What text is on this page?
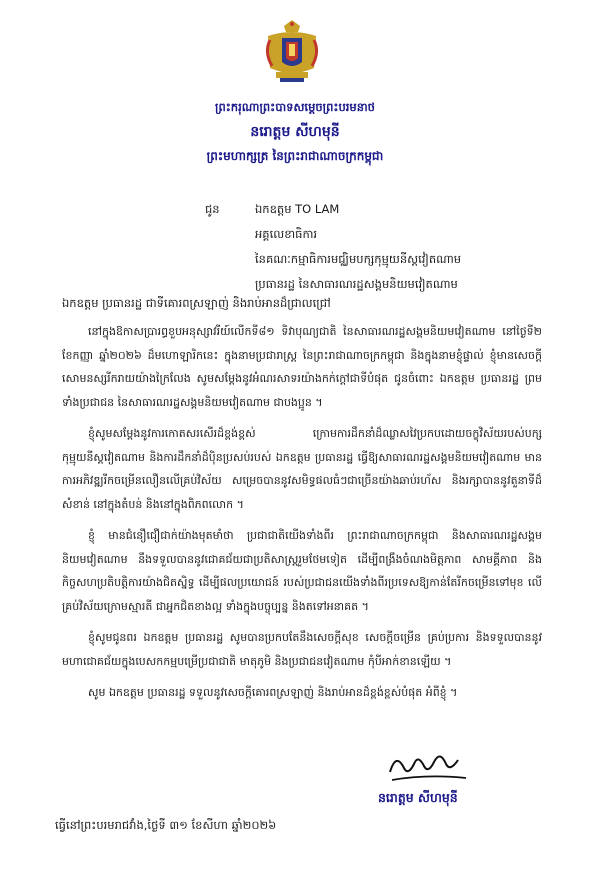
ព្រះករុណាព្រះបាទសម្ដេចព្រះបរមនាថ
នរោត្តម សីហមុនី
ព្រះមហាក្សត្រ នៃព្រះរាជាណាចក្រកម្ពុជា
ជូន	ឯកឧត្តម TO LAM
អគ្គលេខាធិការ
នៃគណៈកម្មាធិការមជ្ឈិមបក្សកុម្មុយនីស្តវៀតណាម
ប្រធានរដ្ឋ នៃសាធារណរដ្ឋសង្គមនិយមវៀតណាម
ឯកឧត្តម ប្រធានរដ្ឋ ជាទីគោរពស្រឡាញ់ និងរាប់អានដ៏ជ្រាលជ្រៅ

នៅក្នុងឱកាសប្រារព្ធខួបអនុស្សាវរីយ៍លើកទី៨១ ទិវាបុណ្យជាតិ នៃសាធារណរដ្ឋសង្គមនិយមវៀតណាម នៅថ្ងៃទី២ ខែកញ្ញា ឆ្នាំ២០២៦ ដ៏មហោឡារិកនេះ ក្នុងនាមប្រជារាស្ត្រ នៃព្រះរាជាណាចក្រកម្ពុជា និងក្នុងនាមខ្ញុំផ្ទាល់ ខ្ញុំមានសេចក្ដីសោមនស្សរីករាយយ៉ាងក្រៃលែង សូមសម្ដែងនូវអំណរសាទរយ៉ាងកក់ក្ដៅជាទីបំផុត ជូនចំពោះ ឯកឧត្តម ប្រធានរដ្ឋ ព្រមទាំងប្រជាជន នៃសាធារណរដ្ឋសង្គមនិយមវៀតណាម ជាបងប្អូន ។

ខ្ញុំសូមសម្ដែងនូវការកោតសរសើរដ៏ខ្ពង់ខ្ពស់ ក្រោមការដឹកនាំដ៏ឈ្លាសវៃប្រកបដោយចក្ខុវិស័យរបស់បក្សកុម្មុយនីស្តវៀតណាម និងការដឹកនាំដ៏ប៉ិនប្រសប់របស់ ឯកឧត្តម ប្រធានរដ្ឋ ធ្វើឱ្យសាធារណរដ្ឋសង្គមនិយមវៀតណាម មានការអភិវឌ្ឍរីកចម្រើនលឿនលើគ្រប់វិស័យ សម្រេចបាននូវសមិទ្ធផលធំៗជាច្រើនយ៉ាងឆាប់រហ័ស និងរក្សាបាននូវតួនាទីដ៏សំខាន់ នៅក្នុងតំបន់ និងនៅក្នុងពិភពលោក ។

ខ្ញុំ មានជំនឿជឿជាក់យ៉ាងមុតមាំថា ប្រជាជាតិយើងទាំងពីរ ព្រះរាជាណាចក្រកម្ពុជា និងសាធារណរដ្ឋសង្គមនិយមវៀតណាម នឹងទទួលបាននូវជោគជ័យជាប្រតិសាស្ត្ររួមថែមទៀត ដើម្បីពង្រឹងចំណងមិត្តភាព សាមគ្គីភាព និងកិច្ចសហប្រតិបត្តិការយ៉ាងជិតស្និទ្ធ ដើម្បីផលប្រយោជន៍ របស់ប្រជាជនយើងទាំងពីរប្រទេសឱ្យកាន់តែរីកចម្រើនទៅមុខ លើគ្រប់វិស័យក្រោមស្មារតី ជាអ្នកជិតខាងល្អ ទាំងក្នុងបច្ចុប្បន្ន និងតទៅអនាគត ។

ខ្ញុំសូមជូនពរ ឯកឧត្តម ប្រធានរដ្ឋ សូមបានប្រកបតែនឹងសេចក្ដីសុខ សេចក្ដីចម្រើន គ្រប់ប្រការ និងទទួលបាននូវមហាជោគជ័យក្នុងបេសកកម្មបម្រើប្រជាជាតិ មាតុភូមិ និងប្រជាជនវៀតណាម កុំបីអាក់ខានឡើយ ។

សូម ឯកឧត្តម ប្រធានរដ្ឋ ទទួលនូវសេចក្ដីគោរពស្រឡាញ់ និងរាប់អានដ៏ខ្ពង់ខ្ពស់បំផុត អំពីខ្ញុំ ។

នរោត្តម សីហមុនី
ធ្វើនៅព្រះបរមរាជវាំង,ថ្ងៃទី ៣១ ខែសីហា ឆ្នាំ២០២៦
